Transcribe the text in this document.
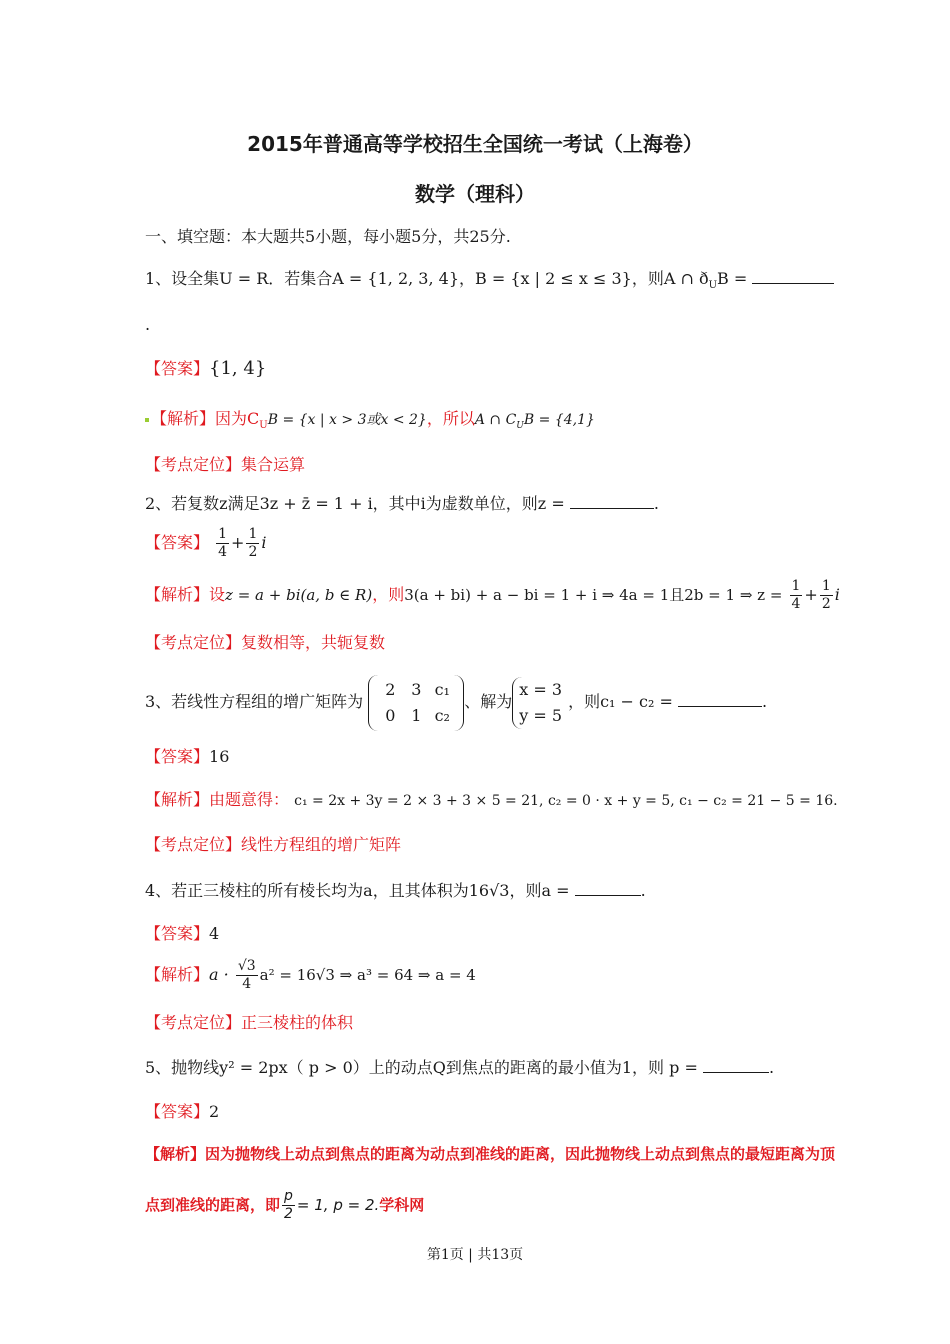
2015年普通高等学校招生全国统一考试（上海卷）
数学（理科）
一、填空题：本大题共5小题，每小题5分，共25分.
1、设全集U = R．若集合A = {1, 2, 3, 4}，B = {x | 2 ≤ x ≤ 3}，则A ∩ $ð_UB$ =
.
【答案】{1, 4}
【解析】因为$C_UB = \{x$ | x > 3或x < 2}，所以A ∩ $C_UB = \{4,1\}$
【考点定位】集合运算
2、若复数z满足3z + z̄ = 1 + i，其中i为虚数单位，则z =	.
【答案】 $\frac{1}{4} + \frac{1}{2}$ i
【解析】设z = a + bi(a, b ∈ R)，则3(a + bi) + a − bi = 1 + i ⇒ 4a = 1且2b = 1 ⇒ $z = \frac{1}{4} + \frac{1}{2}$ i
【考点定位】复数相等，共轭复数
3、若线性方程组的增广矩阵为
2 3 c₁
0 1 c₂
、解为
x = 3
y = 5
，则c₁ − c₂ =	.
【答案】16
【解析】由题意得： c₁ = 2x + 3y = 2 × 3 + 3 × 5 = 21, c₂ = 0 · x + y = 5, c₁ − c₂ = 21 − 5 = 16.
【考点定位】线性方程组的增广矩阵
4、若正三棱柱的所有棱长均为a，且其体积为16√3，则a =	.
【答案】4
【解析】$a \cdot \frac{√3}{4} a^2 = 16√3$ ⇒ a³ = 64 ⇒ a = 4
【考点定位】正三棱柱的体积
5、抛物线y² = 2px（ p > 0）上的动点Q到焦点的距离的最小值为1，则 p =	.
【答案】2
【解析】因为抛物线上动点到焦点的距离为动点到准线的距离，因此抛物线上动点到焦点的最短距离为顶
点到准线的距离，即 $\frac{p}{2} = 1$, p = 2.学科网
第1页 | 共13页
